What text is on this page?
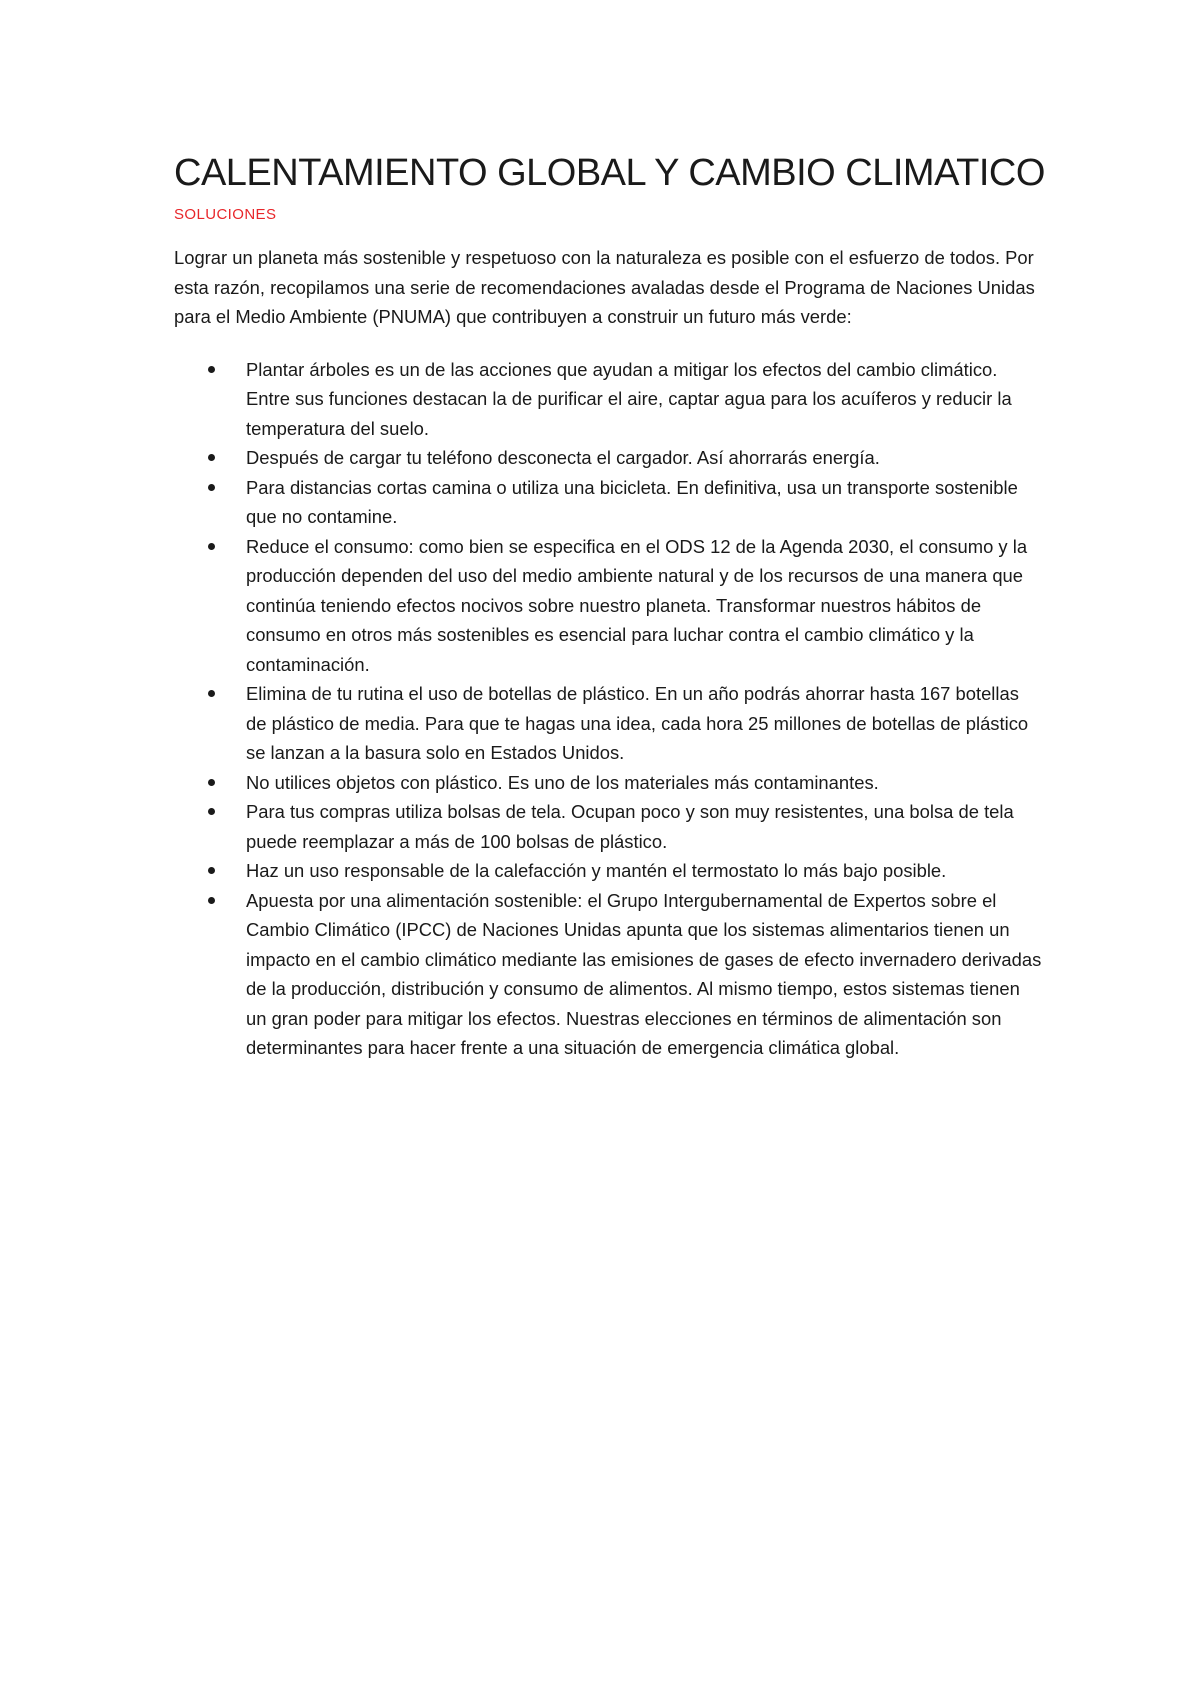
CALENTAMIENTO GLOBAL Y CAMBIO CLIMATICO

SOLUCIONES

Lograr un planeta más sostenible y respetuoso con la naturaleza es posible con el esfuerzo de todos. Por esta razón, recopilamos una serie de recomendaciones avaladas desde el Programa de Naciones Unidas para el Medio Ambiente (PNUMA) que contribuyen a construir un futuro más verde:

Plantar árboles es un de las acciones que ayudan a mitigar los efectos del cambio climático. Entre sus funciones destacan la de purificar el aire, captar agua para los acuíferos y reducir la temperatura del suelo.
Después de cargar tu teléfono desconecta el cargador. Así ahorrarás energía.
Para distancias cortas camina o utiliza una bicicleta. En definitiva, usa un transporte sostenible que no contamine.
Reduce el consumo: como bien se especifica en el ODS 12 de la Agenda 2030, el consumo y la producción dependen del uso del medio ambiente natural y de los recursos de una manera que continúa teniendo efectos nocivos sobre nuestro planeta. Transformar nuestros hábitos de consumo en otros más sostenibles es esencial para luchar contra el cambio climático y la contaminación.
Elimina de tu rutina el uso de botellas de plástico. En un año podrás ahorrar hasta 167 botellas de plástico de media. Para que te hagas una idea, cada hora 25 millones de botellas de plástico se lanzan a la basura solo en Estados Unidos.
No utilices objetos con plástico. Es uno de los materiales más contaminantes.
Para tus compras utiliza bolsas de tela. Ocupan poco y son muy resistentes, una bolsa de tela puede reemplazar a más de 100 bolsas de plástico.
Haz un uso responsable de la calefacción y mantén el termostato lo más bajo posible.
Apuesta por una alimentación sostenible: el Grupo Intergubernamental de Expertos sobre el Cambio Climático (IPCC) de Naciones Unidas apunta que los sistemas alimentarios tienen un impacto en el cambio climático mediante las emisiones de gases de efecto invernadero derivadas de la producción, distribución y consumo de alimentos. Al mismo tiempo, estos sistemas tienen un gran poder para mitigar los efectos. Nuestras elecciones en términos de alimentación son determinantes para hacer frente a una situación de emergencia climática global.
